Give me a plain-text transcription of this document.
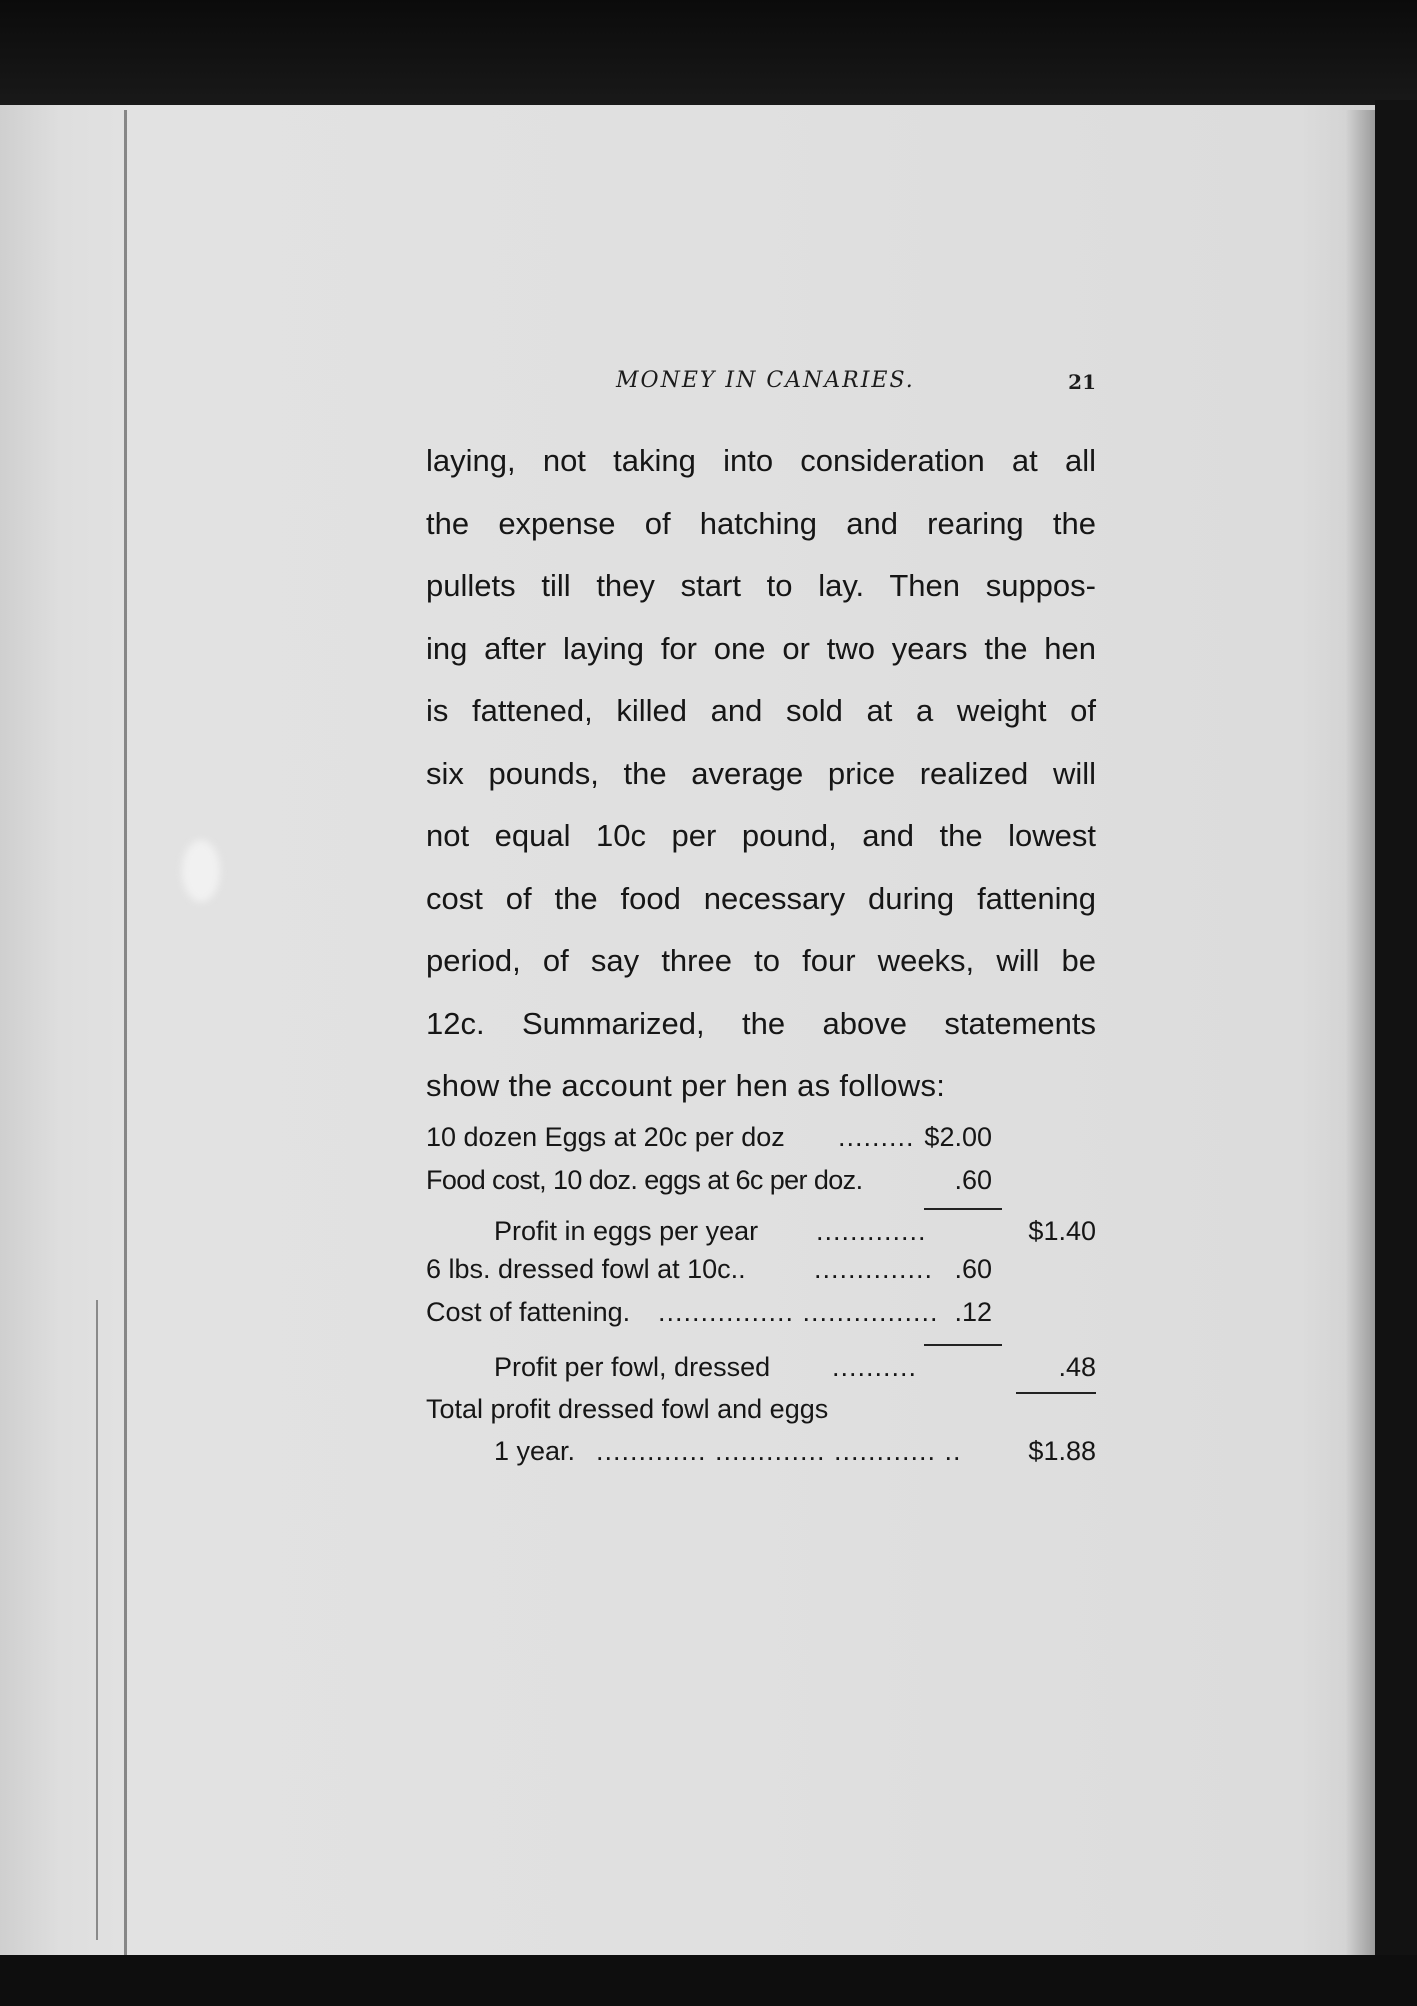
MONEY IN CANARIES.	21
laying, not taking into consideration at all
the expense of hatching and rearing the
pullets till they start to lay. Then suppos-
ing after laying for one or two years the hen
is fattened, killed and sold at a weight of
six pounds, the average price realized will
not equal 10c per pound, and the lowest
cost of the food necessary during fattening
period, of say three to four weeks, will be
12c. Summarized, the above statements
show the account per hen as follows:
10 dozen Eggs at 20c per doz ......... $2.00
Food cost, 10 doz. eggs at 6c per doz.	.60
Profit in eggs per year .............	$1.40
6 lbs. dressed fowl at 10c..	.............. .60
Cost of fattening. ................ ................ .12
Profit per fowl, dressed ..........	.48
Total profit dressed fowl and eggs
1 year. ............. ............. ............ .. $1.88
